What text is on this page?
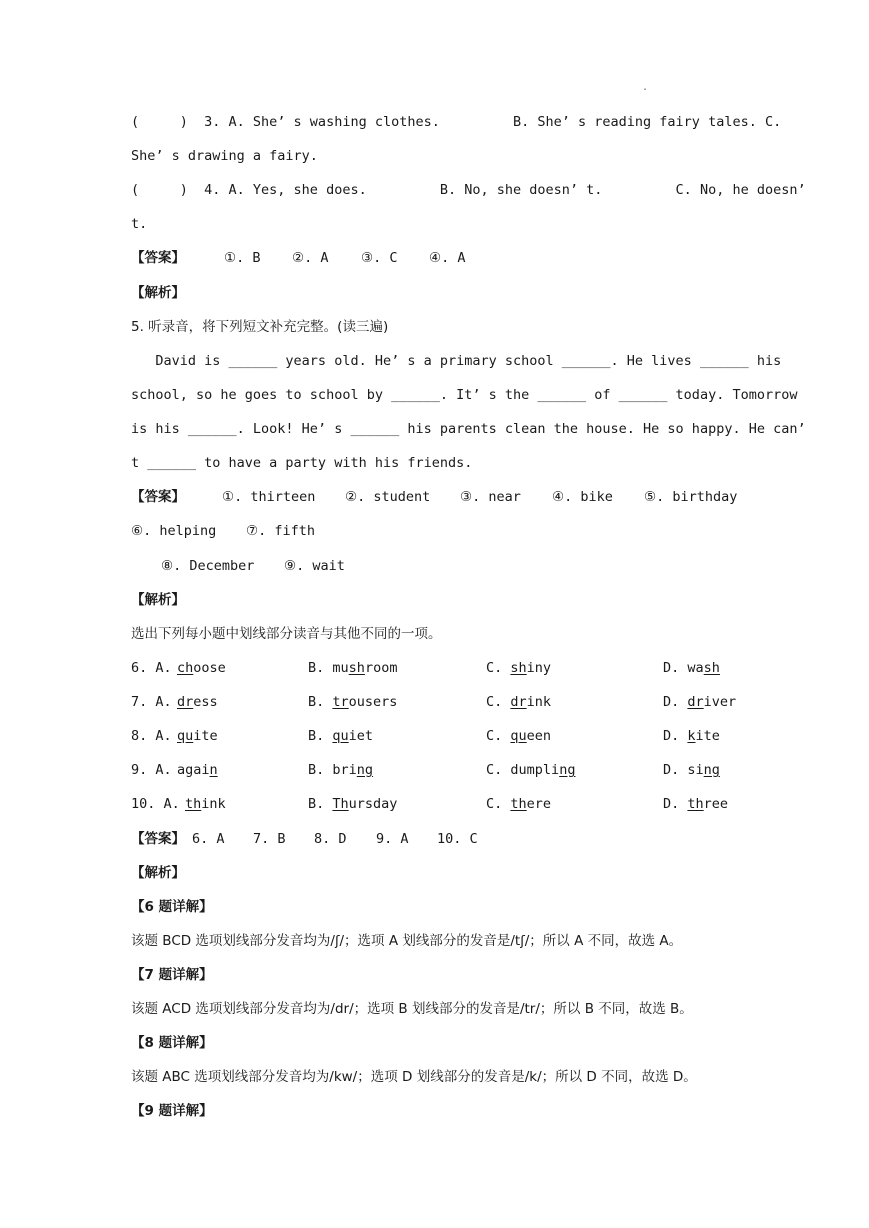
.
(     )  3. A. She’ s washing clothes.         B. She’ s reading fairy tales. C.
She’ s drawing a fairy.
(     )  4. A. Yes, she does.         B. No, she doesn’ t.         C. No, he doesn’
t.
【答案】	①. B ②. A ③. C ④. A
【解析】
5. 听录音，将下列短文补充完整。(读三遍)
David is ______ years old. He’ s a primary school ______. He lives ______ his
school, so he goes to school by ______. It’ s the ______ of ______ today. Tomorrow
is his ______. Look! He’ s ______ his parents clean the house. He so happy. He can’
t ______ to have a party with his friends.
【答案】	①. thirteen ②. student ③. near ④. bike ⑤. birthday
⑥. helping ⑦. fifth
⑧. December ⑨. wait
【解析】
选出下列每小题中划线部分读音与其他不同的一项。
6. A. choose	B. mushroom	C. shiny	D. wash
7. A. dress	B. trousers	C. drink	D. driver
8. A. quite	B. quiet	C. queen	D. kite
9. A. again	B. bring	C. dumpling	D. sing
10. A. think	B. Thursday	C. there	D. three
【答案】 6. A 7. B 8. D 9. A 10. C
【解析】
【6 题详解】
该题 BCD 选项划线部分发音均为/ʃ/；选项 A 划线部分的发音是/tʃ/；所以 A 不同，故选 A。
【7 题详解】
该题 ACD 选项划线部分发音均为/dr/；选项 B 划线部分的发音是/tr/；所以 B 不同，故选 B。
【8 题详解】
该题 ABC 选项划线部分发音均为/kw/；选项 D 划线部分的发音是/k/；所以 D 不同，故选 D。
【9 题详解】
